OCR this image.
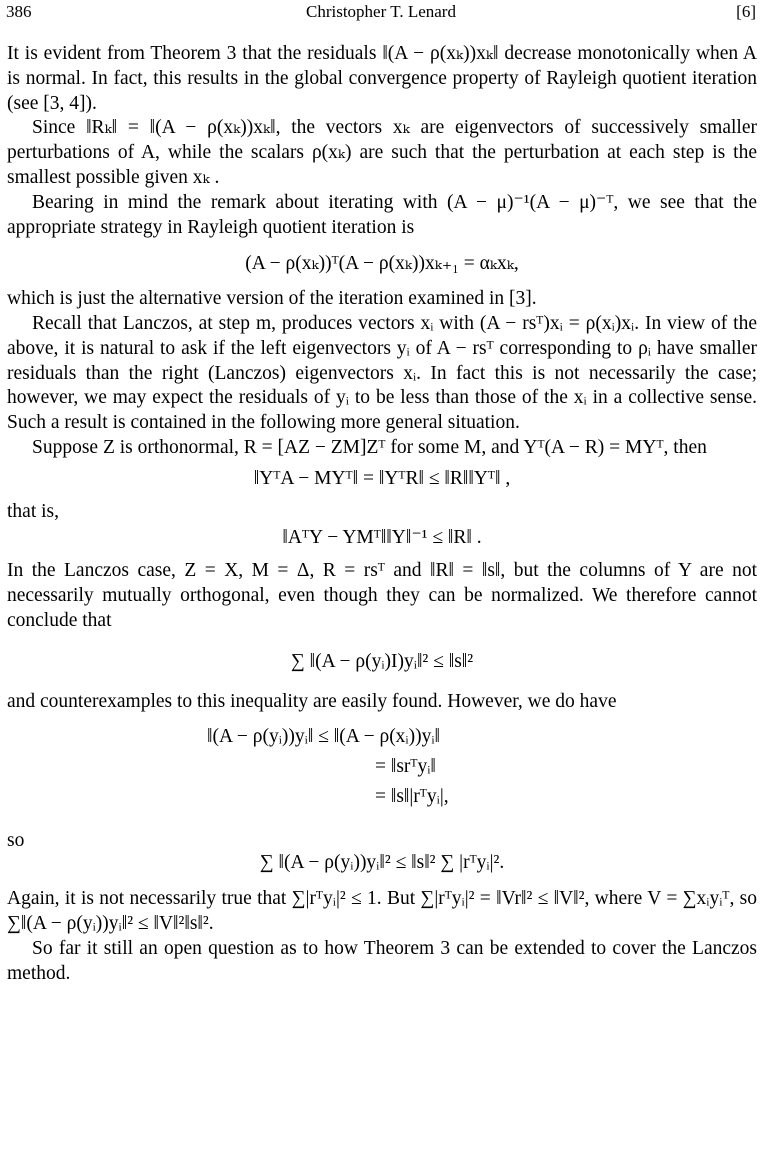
386	Christopher T. Lenard	[6]

It is evident from Theorem 3 that the residuals ‖(A − ρ(xₖ))xₖ‖ decrease monotonically when A is normal. In fact, this results in the global convergence property of Rayleigh quotient iteration (see [3, 4]).

Since ‖Rₖ‖ = ‖(A − ρ(xₖ))xₖ‖, the vectors xₖ are eigenvectors of successively smaller perturbations of A, while the scalars ρ(xₖ) are such that the perturbation at each step is the smallest possible given xₖ .

Bearing in mind the remark about iterating with (A − μ)⁻¹(A − μ)⁻ᵀ, we see that the appropriate strategy in Rayleigh quotient iteration is

(A − ρ(xₖ))ᵀ(A − ρ(xₖ))xₖ₊₁ = αₖxₖ,

which is just the alternative version of the iteration examined in [3].

Recall that Lanczos, at step m, produces vectors xᵢ with (A − rsᵀ)xᵢ = ρ(xᵢ)xᵢ. In view of the above, it is natural to ask if the left eigenvectors yᵢ of A − rsᵀ corresponding to ρᵢ have smaller residuals than the right (Lanczos) eigenvectors xᵢ. In fact this is not necessarily the case; however, we may expect the residuals of yᵢ to be less than those of the xᵢ in a collective sense. Such a result is contained in the following more general situation.

Suppose Z is orthonormal, R = [AZ − ZM]Zᵀ for some M, and Yᵀ(A − R) = MYᵀ, then

‖YᵀA − MYᵀ‖ = ‖YᵀR‖ ≤ ‖R‖‖Yᵀ‖ ,

that is,

‖AᵀY − YMᵀ‖‖Y‖⁻¹ ≤ ‖R‖ .

In the Lanczos case, Z = X, M = Δ, R = rsᵀ and ‖R‖ = ‖s‖, but the columns of Y are not necessarily mutually orthogonal, even though they can be normalized. We therefore cannot conclude that

∑ ‖(A − ρ(yᵢ)I)yᵢ‖² ≤ ‖s‖²

and counterexamples to this inequality are easily found. However, we do have

‖(A − ρ(yᵢ))yᵢ‖ ≤ ‖(A − ρ(xᵢ))yᵢ‖
= ‖srᵀyᵢ‖
= ‖s‖|rᵀyᵢ|,
so
∑ ‖(A − ρ(yᵢ))yᵢ‖² ≤ ‖s‖² ∑ |rᵀyᵢ|².

Again, it is not necessarily true that ∑|rᵀyᵢ|² ≤ 1. But ∑|rᵀyᵢ|² = ‖Vr‖² ≤ ‖V‖², where V = ∑xᵢyᵢᵀ, so ∑‖(A − ρ(yᵢ))yᵢ‖² ≤ ‖V‖²‖s‖².

So far it still an open question as to how Theorem 3 can be extended to cover the Lanczos method.
